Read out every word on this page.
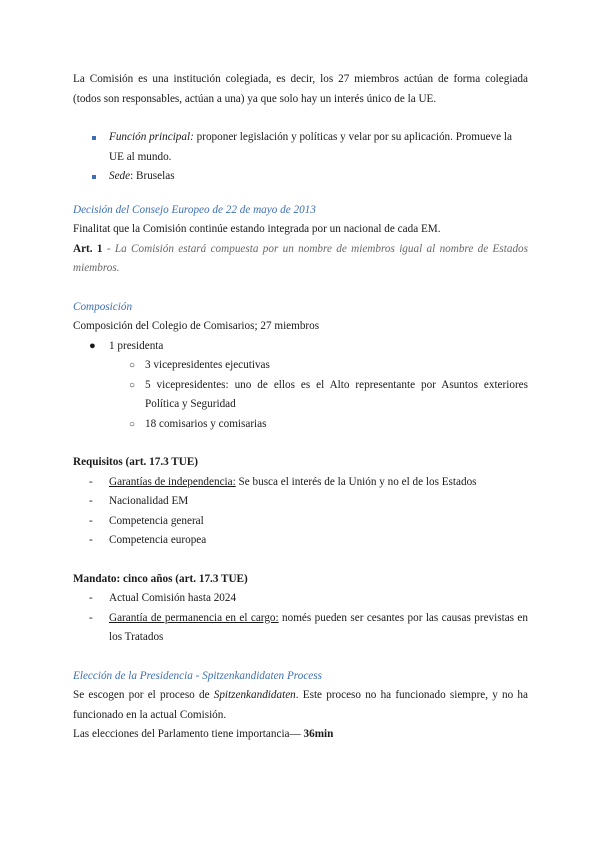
La Comisión es una institución colegiada, es decir, los 27 miembros actúan de forma colegiada (todos son responsables, actúan a una) ya que solo hay un interés único de la UE.

Función principal: proponer legislación y políticas y velar por su aplicación. Promueve la UE al mundo.
Sede: Bruselas

Decisión del Consejo Europeo de 22 de mayo de 2013

Finalitat que la Comisión continúe estando integrada por un nacional de cada EM.

Art. 1 - La Comisión estará compuesta por un nombre de miembros igual al nombre de Estados miembros.

Composición

Composición del Colegio de Comisarios; 27 miembros

● 1 presidenta
○ 3 vicepresidentes ejecutivas
○ 5 vicepresidentes: uno de ellos es el Alto representante por Asuntos exteriores Política y Seguridad
○ 18 comisarios y comisarias

Requisitos (art. 17.3 TUE)

- Garantías de independencia: Se busca el interés de la Unión y no el de los Estados
- Nacionalidad EM
- Competencia general
- Competencia europea

Mandato: cinco años (art. 17.3 TUE)

- Actual Comisión hasta 2024
- Garantía de permanencia en el cargo: només pueden ser cesantes por las causas previstas en los Tratados

Elección de la Presidencia - Spitzenkandidaten Process

Se escogen por el proceso de Spitzenkandidaten. Este proceso no ha funcionado siempre, y no ha funcionado en la actual Comisión.

Las elecciones del Parlamento tiene importancia— 36min
